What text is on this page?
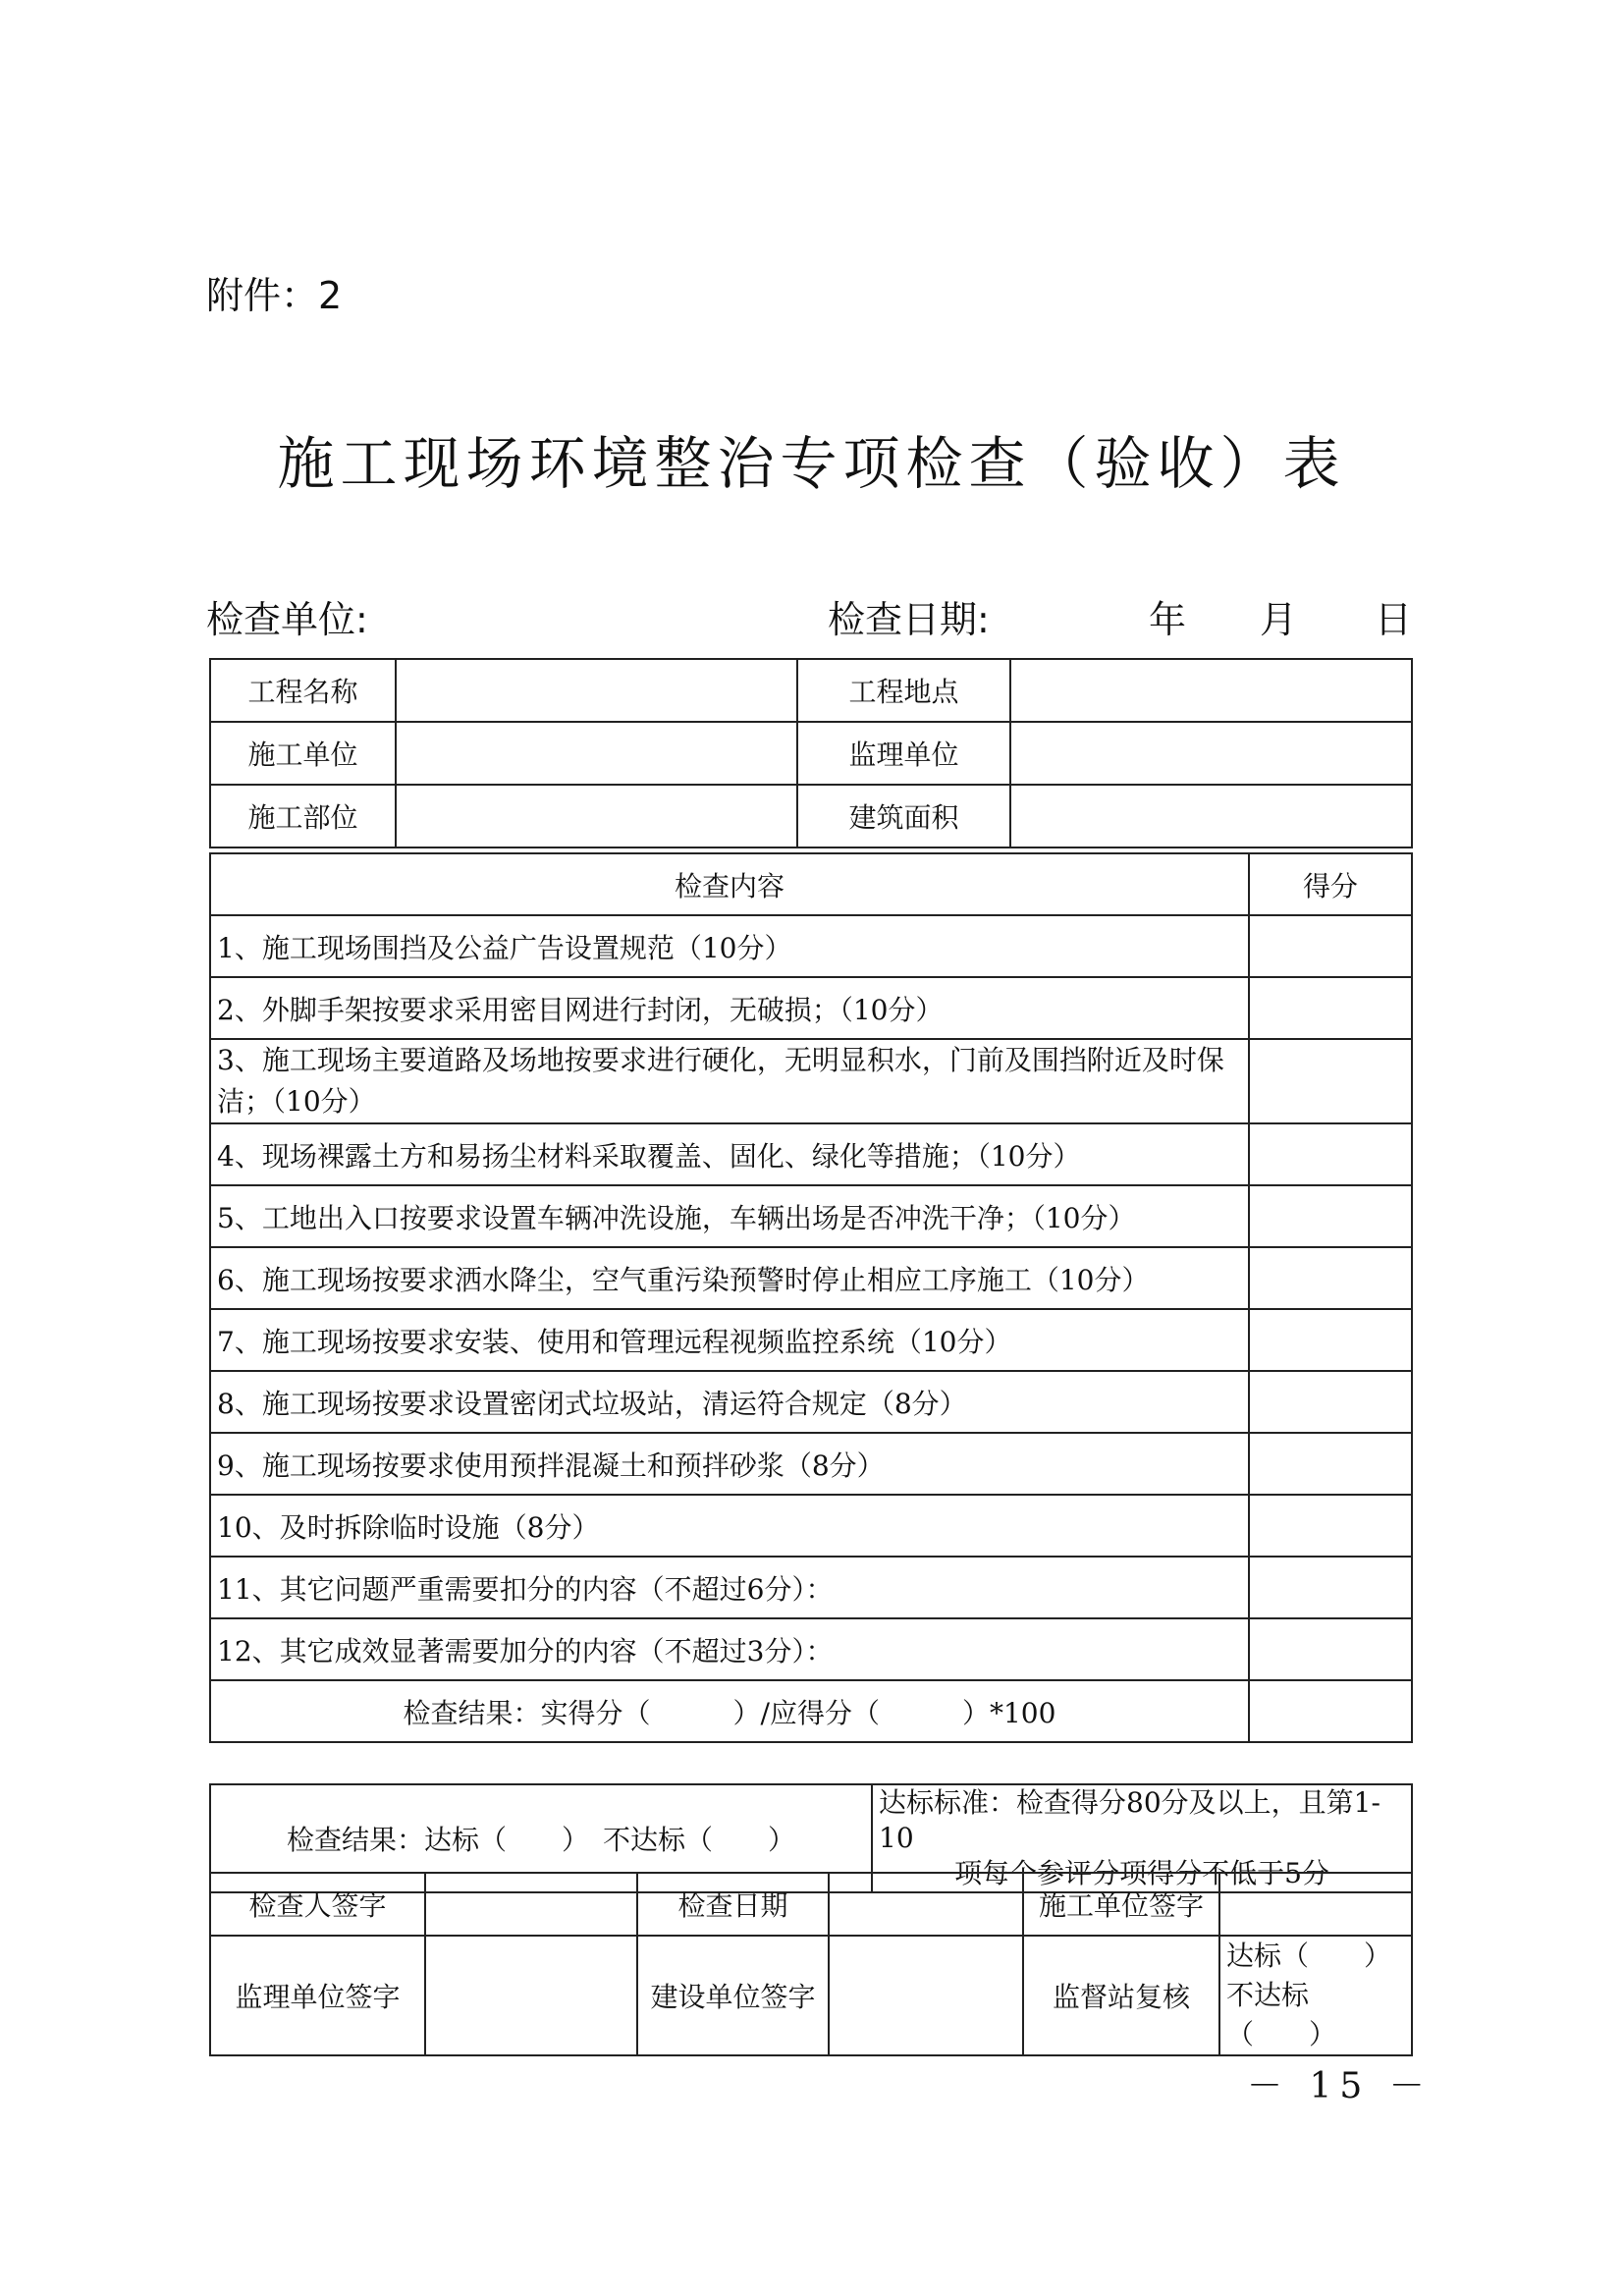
附件：2
施工现场环境整治专项检查（验收）表
检查单位:	检查日期:	年 月 日
工程名称		工程地点	
施工单位		监理单位	
施工部位		建筑面积	
检查内容	得分
1、施工现场围挡及公益广告设置规范（10分）	
2、外脚手架按要求采用密目网进行封闭，无破损；（10分）	
3、施工现场主要道路及场地按要求进行硬化，无明显积水，门前及围挡附近及时保洁；（10分）	
4、现场裸露土方和易扬尘材料采取覆盖、固化、绿化等措施；（10分）	
5、工地出入口按要求设置车辆冲洗设施，车辆出场是否冲洗干净；（10分）	
6、施工现场按要求洒水降尘，空气重污染预警时停止相应工序施工（10分）	
7、施工现场按要求安装、使用和管理远程视频监控系统（10分）	
8、施工现场按要求设置密闭式垃圾站，清运符合规定（8分）	
9、施工现场按要求使用预拌混凝土和预拌砂浆（8分）	
10、及时拆除临时设施（8分）	
11、其它问题严重需要扣分的内容（不超过6分）：	
12、其它成效显著需要加分的内容（不超过3分）：	
检查结果：实得分（　　　）/应得分（　　　）*100	
检查结果：达标（　　）　不达标（　　）	达标标准：检查得分80分及以上，且第1-10
项每个参评分项得分不低于5分
检查人签字		检查日期		施工单位签字	
监理单位签字		建设单位签字		监督站复核	达标（　　）
不达标（　　）
－ 15 －
